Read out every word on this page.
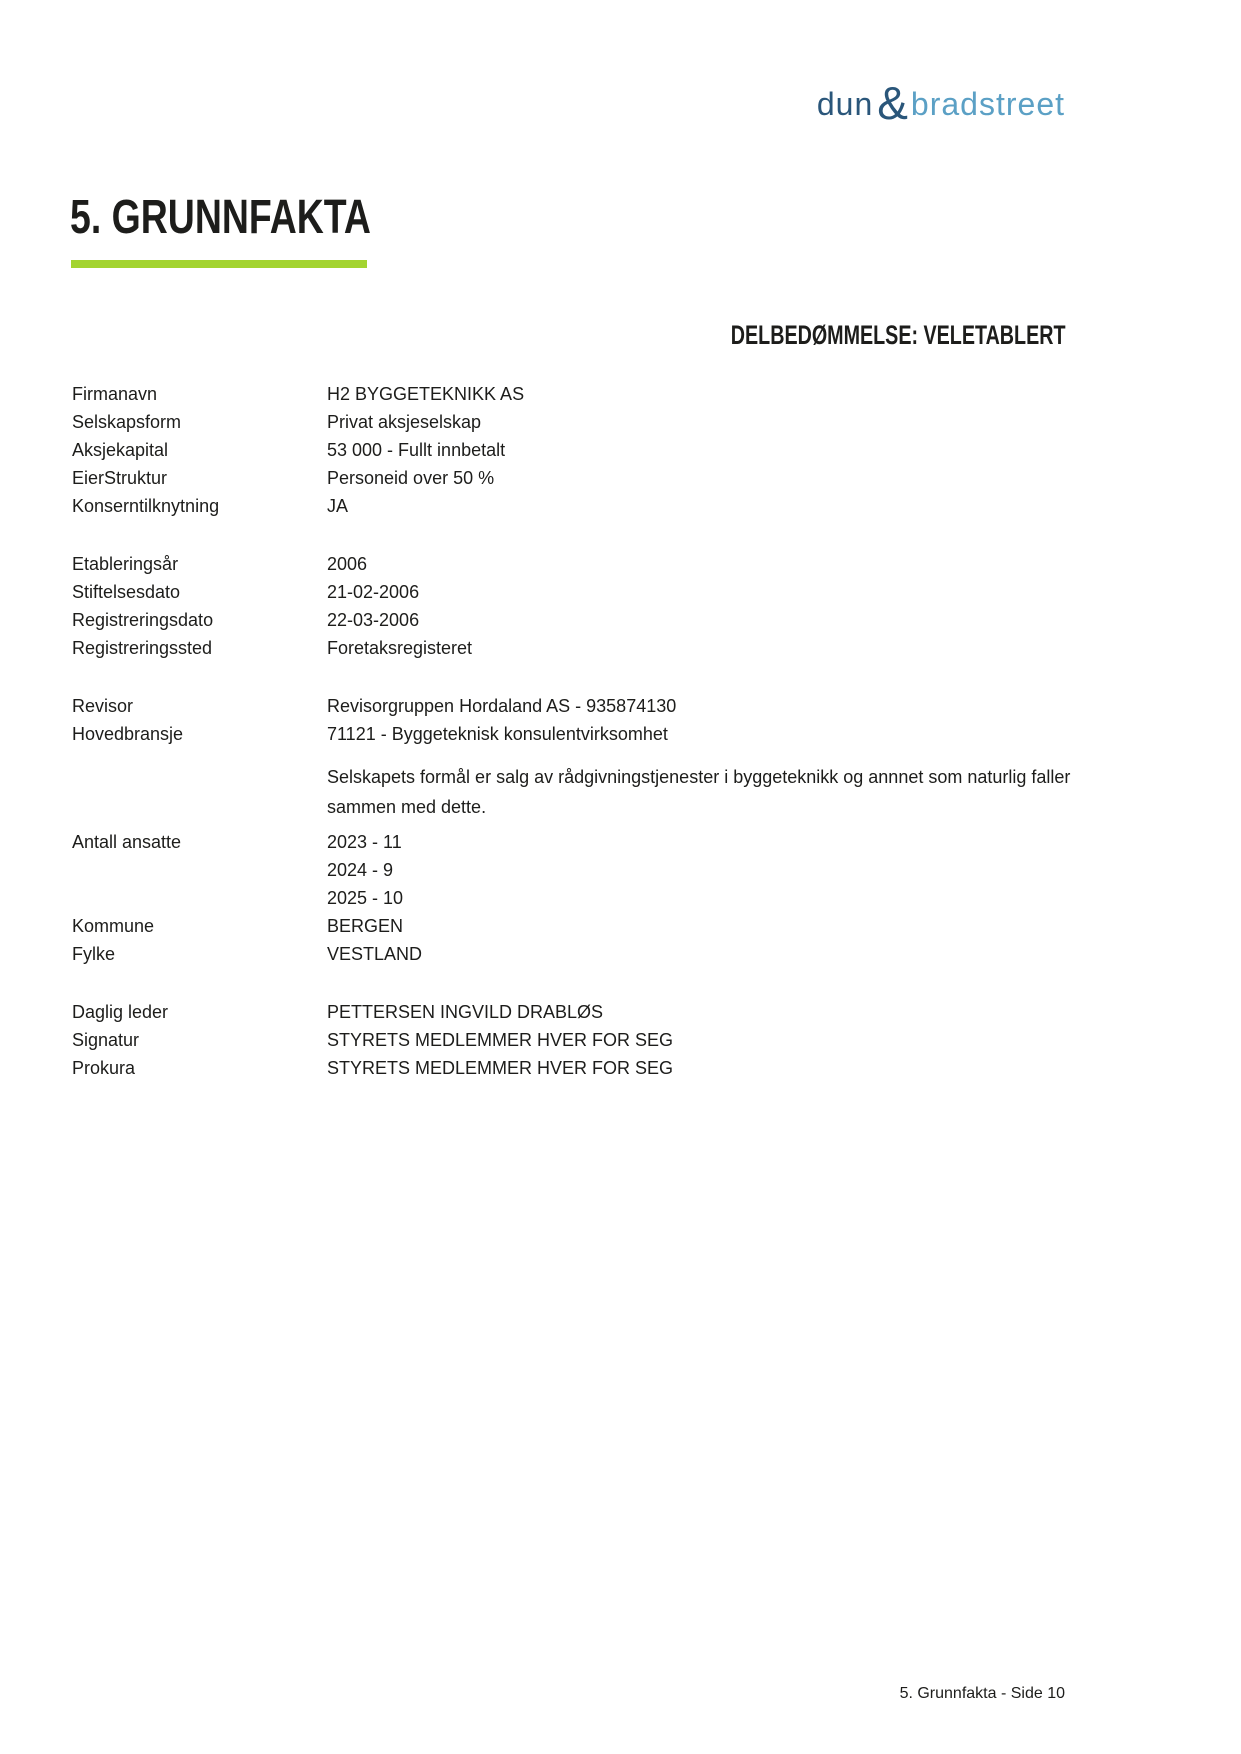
dun & bradstreet
5. GRUNNFAKTA
DELBEDØMMELSE: VELETABLERT
Firmanavn	H2 BYGGETEKNIKK AS
Selskapsform	Privat aksjeselskap
Aksjekapital	53 000 - Fullt innbetalt
EierStruktur	Personeid over 50 %
Konserntilknytning	JA
Etableringsår	2006
Stiftelsesdato	21-02-2006
Registreringsdato	22-03-2006
Registreringssted	Foretaksregisteret
Revisor	Revisorgruppen Hordaland AS - 935874130
Hovedbransje	71121 - Byggeteknisk konsulentvirksomhet

Selskapets formål er salg av rådgivningstjenester i byggeteknikk og annnet som naturlig faller sammen med dette.

Antall ansatte	2023 - 11
2024 - 9
2025 - 10
Kommune	BERGEN
Fylke	VESTLAND
Daglig leder	PETTERSEN INGVILD DRABLØS
Signatur	STYRETS MEDLEMMER HVER FOR SEG
Prokura	STYRETS MEDLEMMER HVER FOR SEG
5. Grunnfakta - Side 10
